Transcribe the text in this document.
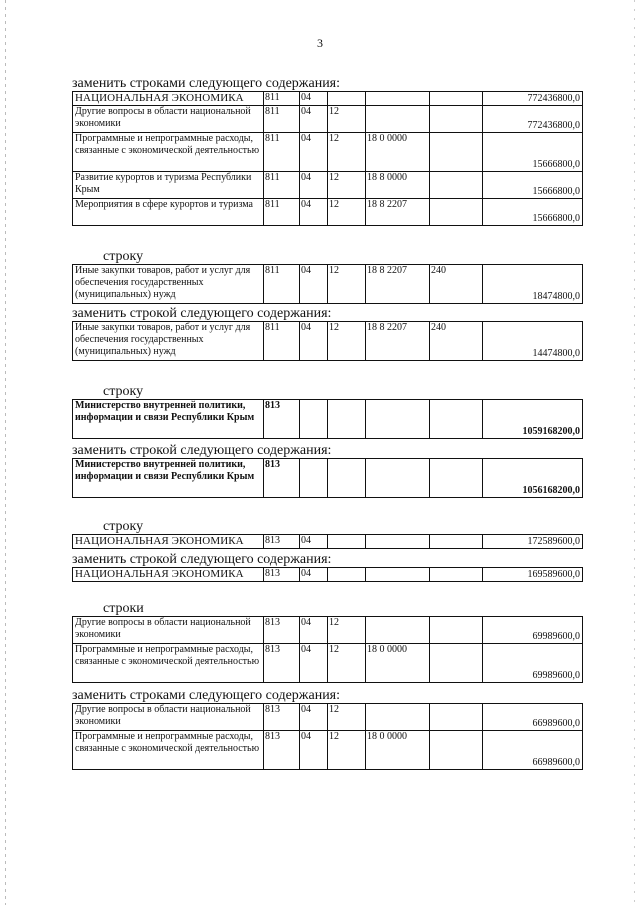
3
заменить строками следующего содержания:
НАЦИОНАЛЬНАЯ ЭКОНОМИКА	811	04				772436800,0
Другие вопросы в области национальной экономики	811	04	12			772436800,0
Программные и непрограммные расходы, связанные с экономической деятельностью	811	04	12	18 0 0000		15666800,0
Развитие курортов и туризма Республики Крым	811	04	12	18 8 0000		15666800,0
Мероприятия в сфере курортов и туризма	811	04	12	18 8 2207		15666800,0
строку
Иные закупки товаров, работ и услуг для обеспечения государственных (муниципальных) нужд	811	04	12	18 8 2207	240	18474800,0
заменить строкой следующего содержания:
Иные закупки товаров, работ и услуг для обеспечения государственных (муниципальных) нужд	811	04	12	18 8 2207	240	14474800,0
строку
Министерство внутренней политики, информации и связи Республики Крым	813					1059168200,0
заменить строкой следующего содержания:
Министерство внутренней политики, информации и связи Республики Крым	813					1056168200,0
строку
НАЦИОНАЛЬНАЯ ЭКОНОМИКА	813	04				172589600,0
заменить строкой следующего содержания:
НАЦИОНАЛЬНАЯ ЭКОНОМИКА	813	04				169589600,0
строки
Другие вопросы в области национальной экономики	813	04	12			69989600,0
Программные и непрограммные расходы, связанные с экономической деятельностью	813	04	12	18 0 0000		69989600,0
заменить строками следующего содержания:
Другие вопросы в области национальной экономики	813	04	12			66989600,0
Программные и непрограммные расходы, связанные с экономической деятельностью	813	04	12	18 0 0000		66989600,0
